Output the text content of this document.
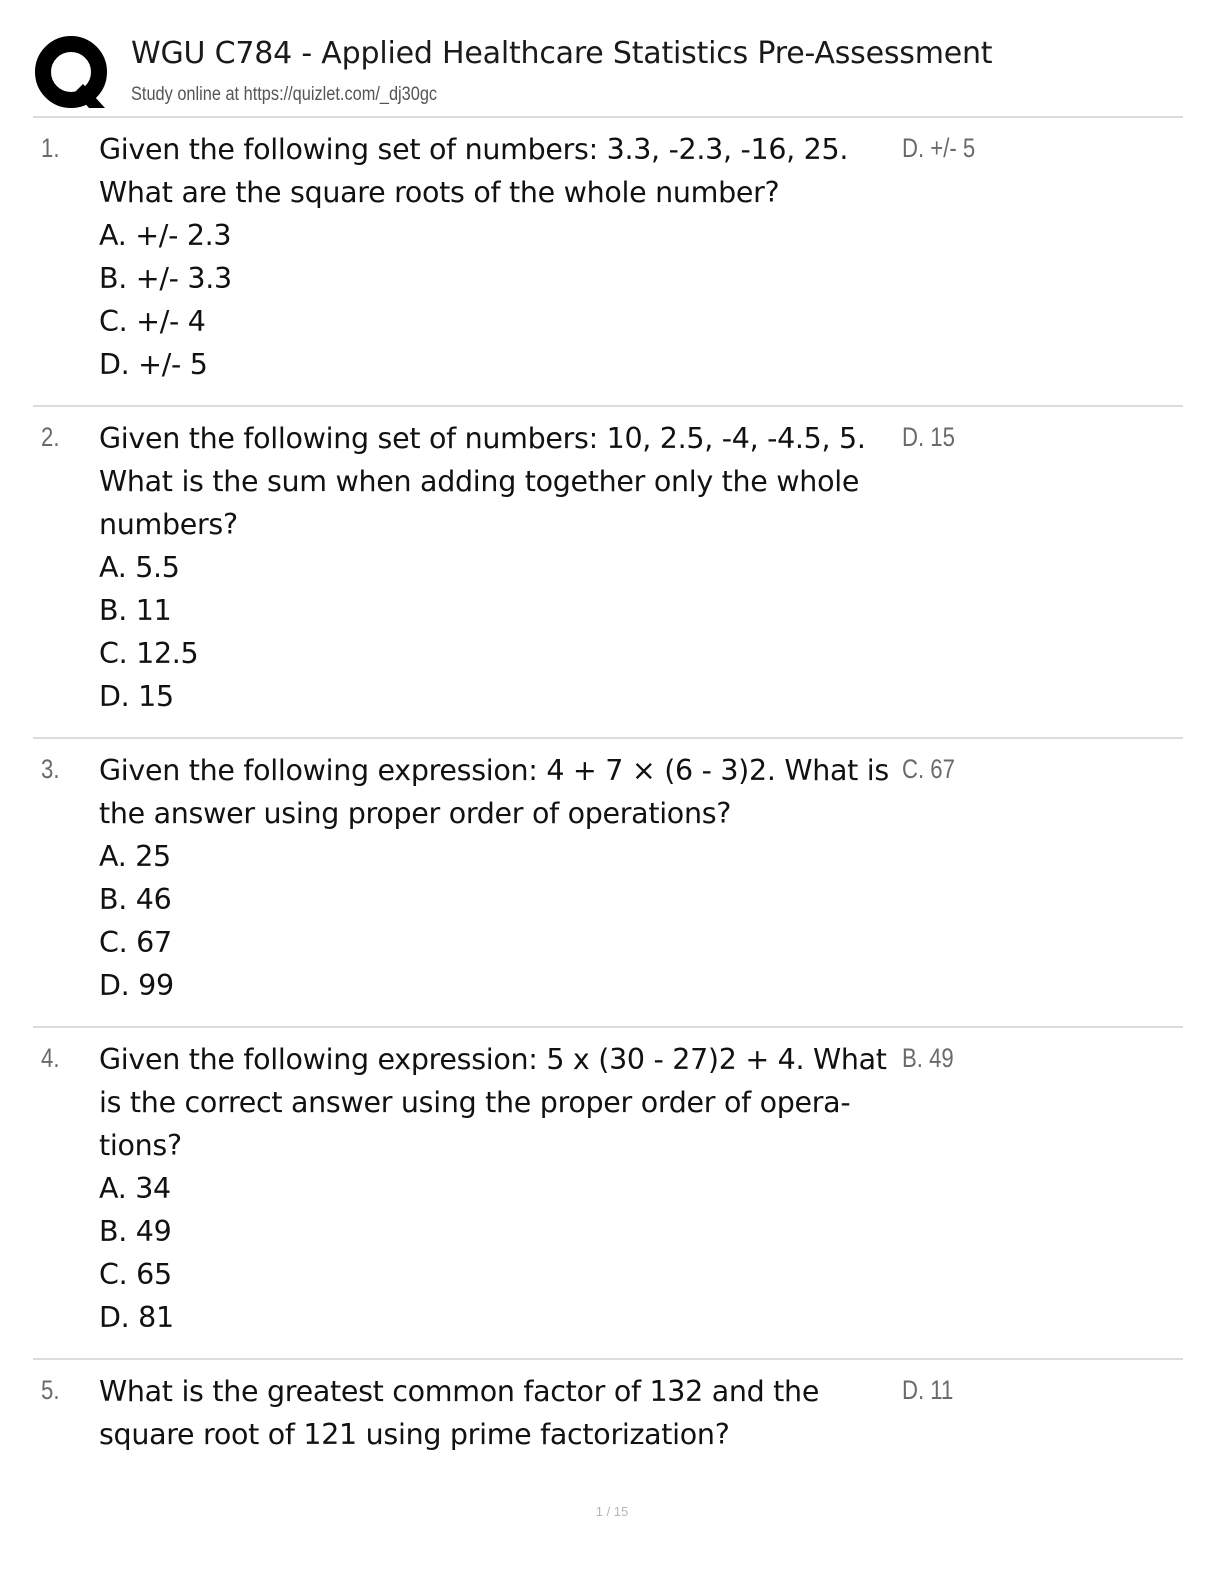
WGU C784 - Applied Healthcare Statistics Pre-Assessment
Study online at https://quizlet.com/_dj30gc
1. Given the following set of numbers: 3.3, -2.3, -16, 25.
What are the square roots of the whole number?
A. +/- 2.3
B. +/- 3.3
C. +/- 4
D. +/- 5
D. +/- 5
2. Given the following set of numbers: 10, 2.5, -4, -4.5, 5.
What is the sum when adding together only the whole
numbers?
A. 5.5
B. 11
C. 12.5
D. 15
D. 15
3. Given the following expression: 4 + 7 × (6 - 3)2. What is
the answer using proper order of operations?
A. 25
B. 46
C. 67
D. 99
C. 67
4. Given the following expression: 5 x (30 - 27)2 + 4. What
is the correct answer using the proper order of opera-
tions?
A. 34
B. 49
C. 65
D. 81
B. 49
5. What is the greatest common factor of 132 and the
square root of 121 using prime factorization?
D. 11
1 / 15
